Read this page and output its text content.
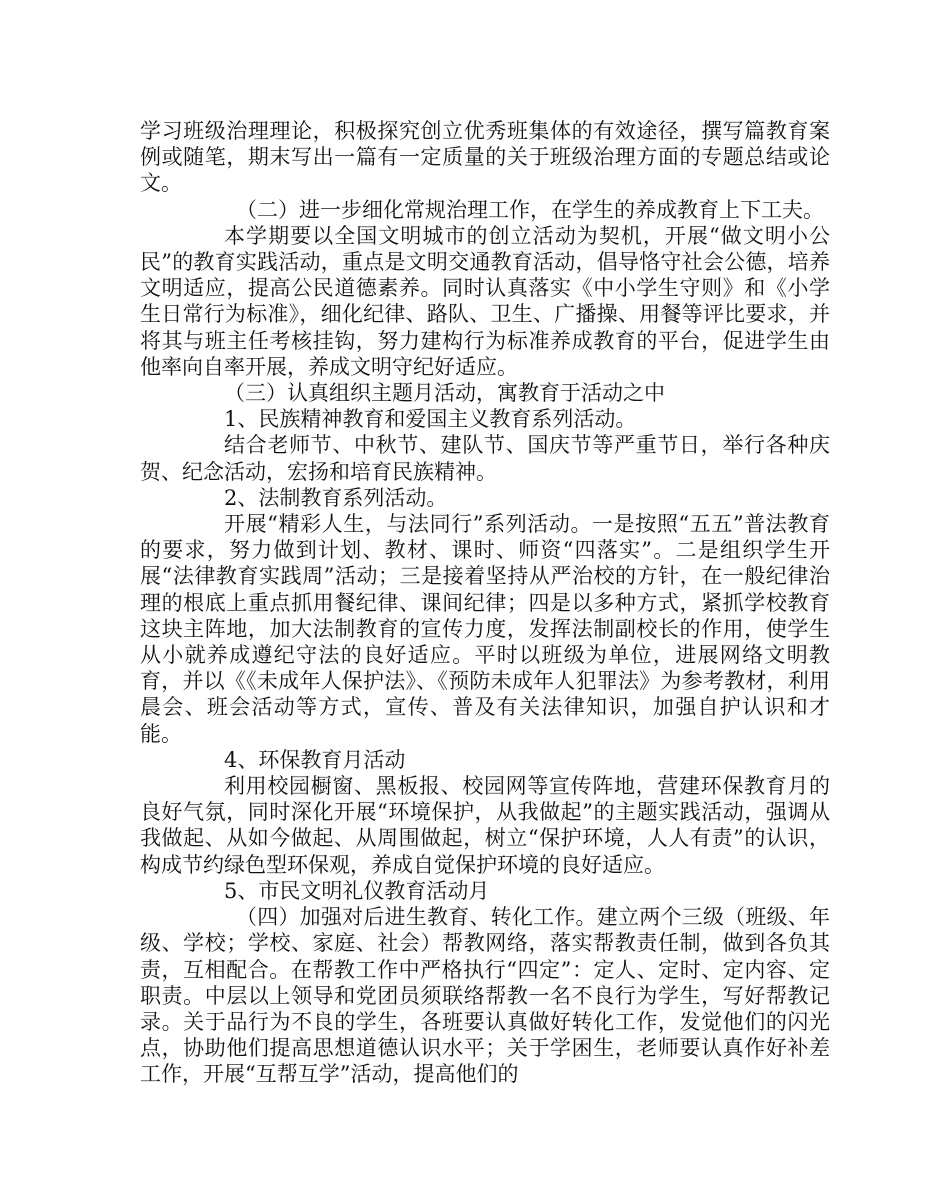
学习班级治理理论，积极探究创立优秀班集体的有效途径，撰写篇教育案例或随笔，期末写出一篇有一定质量的关于班级治理方面的专题总结或论文。

（二）进一步细化常规治理工作，在学生的养成教育上下工夫。

本学期要以全国文明城市的创立活动为契机，开展“做文明小公民”的教育实践活动，重点是文明交通教育活动，倡导恪守社会公德，培养文明适应，提高公民道德素养。同时认真落实《中小学生守则》和《小学生日常行为标准》，细化纪律、路队、卫生、广播操、用餐等评比要求，并将其与班主任考核挂钩，努力建构行为标准养成教育的平台，促进学生由他率向自率开展，养成文明守纪好适应。

（三）认真组织主题月活动，寓教育于活动之中

1、民族精神教育和爱国主义教育系列活动。

结合老师节、中秋节、建队节、国庆节等严重节日，举行各种庆贺、纪念活动，宏扬和培育民族精神。

2、法制教育系列活动。

开展“精彩人生，与法同行”系列活动。一是按照“五五”普法教育的要求，努力做到计划、教材、课时、师资“四落实”。二是组织学生开展“法律教育实践周”活动；三是接着坚持从严治校的方针，在一般纪律治理的根底上重点抓用餐纪律、课间纪律；四是以多种方式，紧抓学校教育这块主阵地，加大法制教育的宣传力度，发挥法制副校长的作用，使学生从小就养成遵纪守法的良好适应。平时以班级为单位，进展网络文明教育，并以《《未成年人保护法》、《预防未成年人犯罪法》为参考教材，利用晨会、班会活动等方式，宣传、普及有关法律知识，加强自护认识和才能。

4、环保教育月活动

利用校园橱窗、黑板报、校园网等宣传阵地，营建环保教育月的良好气氛，同时深化开展“环境保护，从我做起”的主题实践活动，强调从我做起、从如今做起、从周围做起，树立“保护环境，人人有责”的认识，构成节约绿色型环保观，养成自觉保护环境的良好适应。

5、市民文明礼仪教育活动月

（四）加强对后进生教育、转化工作。建立两个三级（班级、年级、学校；学校、家庭、社会）帮教网络，落实帮教责任制，做到各负其责，互相配合。在帮教工作中严格执行“四定”：定人、定时、定内容、定职责。中层以上领导和党团员须联络帮教一名不良行为学生，写好帮教记录。关于品行为不良的学生，各班要认真做好转化工作，发觉他们的闪光点，协助他们提高思想道德认识水平；关于学困生，老师要认真作好补差工作，开展“互帮互学”活动，提高他们的
